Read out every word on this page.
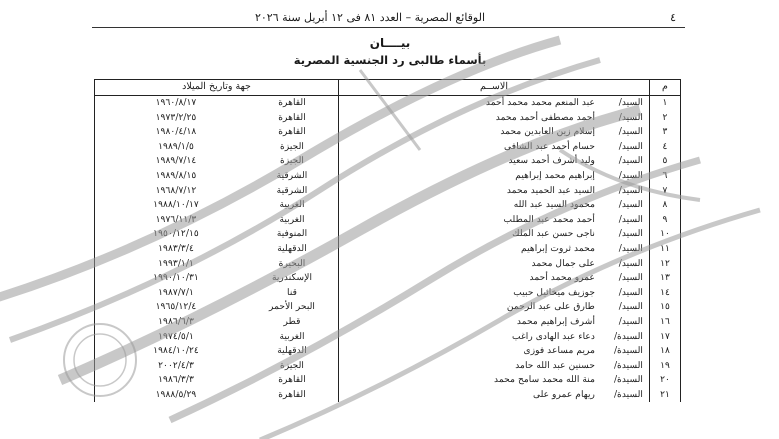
٤
الوقائع المصرية – العدد ٨١ فى ١٢ أبريل سنة ٢٠٢٦
بيــــان
بأسماء طالبى رد الجنسية المصرية
م	الاســم	جهة وتاريخ الميلاد
١	السيد/عبد المنعم محمد محمد أحمد	القاهرة١٩٦٠/٨/١٧
٢	السيد/أحمد مصطفى أحمد محمد	القاهرة١٩٧٣/٢/٢٥
٣	السيد/إسلام زين العابدين محمد	القاهرة١٩٨٠/٤/١٨
٤	السيد/حسام أحمد عبد الشافى	الجيزة١٩٨٩/١/٥
٥	السيد/وليد أشرف أحمد سعيد	الجيزة١٩٨٩/٧/١٤
٦	السيد/إبراهيم محمد إبراهيم	الشرقية١٩٨٩/٨/١٥
٧	السيد/السيد عبد الحميد محمد	الشرقية١٩٦٨/٧/١٢
٨	السيد/محمود السيد عبد الله	الغربية١٩٨٨/١٠/١٧
٩	السيد/أحمد محمد عبد المطلب	الغربية١٩٧٦/١١/٣
١٠	السيد/ناجى حسن عبد الملك	المنوفية١٩٥٠/١٢/١٥
١١	السيد/محمد ثروت إبراهيم	الدقهلية١٩٨٣/٣/٤
١٢	السيد/على جمال محمد	البحيرة١٩٩٣/١/١
١٣	السيد/عمرو محمد أحمد	الإسكندرية١٩٩٠/١٠/٣١
١٤	السيد/جوزيف ميخائيل حبيب	قنا١٩٨٧/٧/١
١٥	السيد/طارق على عبد الرحمن	البحر الأحمر١٩٦٥/١٢/٤
١٦	السيد/أشرف إبراهيم محمد	قطر١٩٨٦/٦/٣
١٧	السيدة/دعاء عبد الهادى راغب	الغربية١٩٧٤/٥/١
١٨	السيدة/مريم مساعد فوزى	الدقهلية١٩٨٤/١٠/٢٤
١٩	السيدة/حسنين عبد الله حامد	الجيزة٢٠٠٢/٤/٣
٢٠	السيدة/منة الله محمد سامح محمد	القاهرة١٩٨٦/٣/٣
٢١	السيدة/ريهام عمرو على	القاهرة١٩٨٨/٥/٢٩
